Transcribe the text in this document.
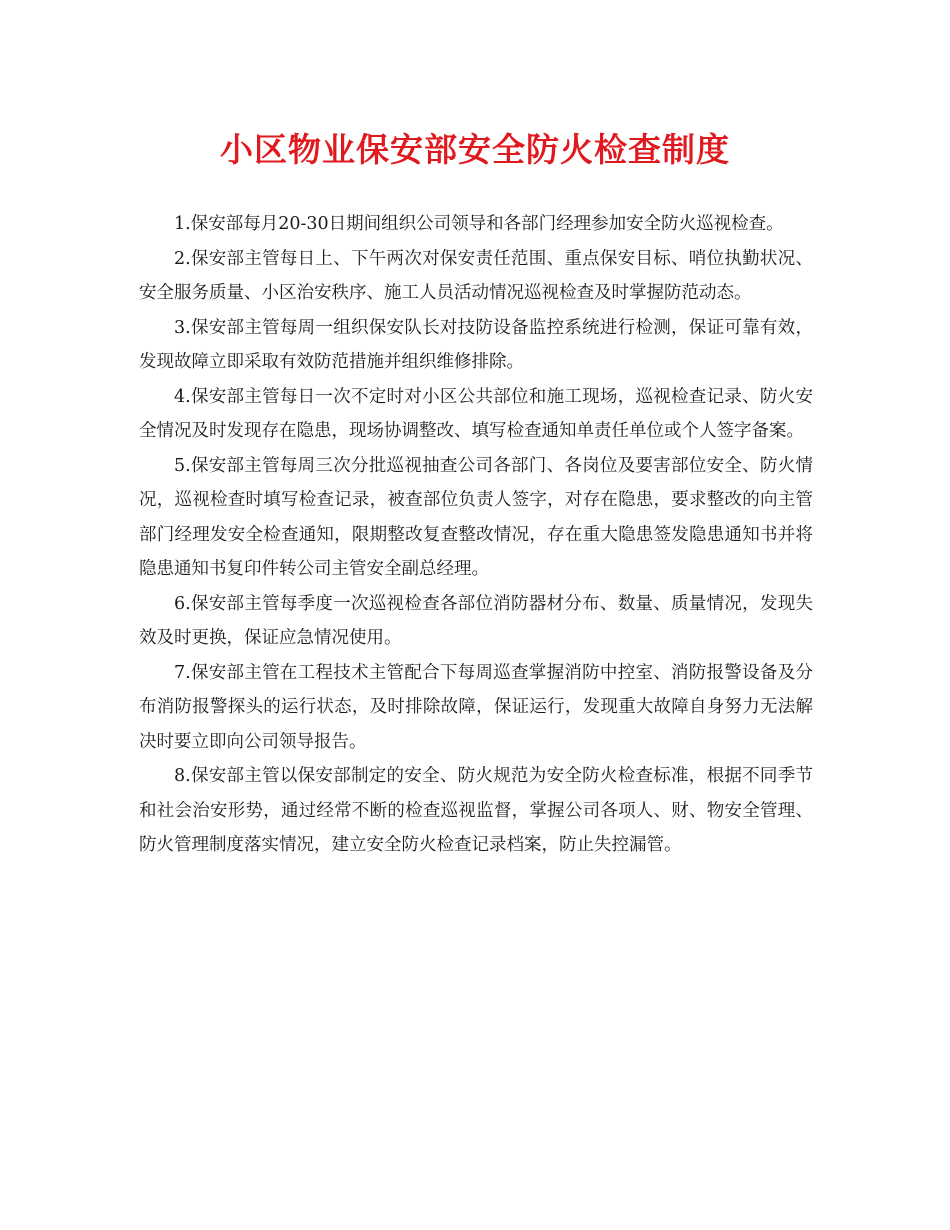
小区物业保安部安全防火检查制度

1.保安部每月20-30日期间组织公司领导和各部门经理参加安全防火巡视检查。

2.保安部主管每日上、下午两次对保安责任范围、重点保安目标、哨位执勤状况、安全服务质量、小区治安秩序、施工人员活动情况巡视检查及时掌握防范动态。

3.保安部主管每周一组织保安队长对技防设备监控系统进行检测，保证可靠有效，发现故障立即采取有效防范措施并组织维修排除。

4.保安部主管每日一次不定时对小区公共部位和施工现场，巡视检查记录、防火安全情况及时发现存在隐患，现场协调整改、填写检查通知单责任单位或个人签字备案。

5.保安部主管每周三次分批巡视抽查公司各部门、各岗位及要害部位安全、防火情况，巡视检查时填写检查记录，被查部位负责人签字，对存在隐患，要求整改的向主管部门经理发安全检查通知，限期整改复查整改情况，存在重大隐患签发隐患通知书并将隐患通知书复印件转公司主管安全副总经理。

6.保安部主管每季度一次巡视检查各部位消防器材分布、数量、质量情况，发现失效及时更换，保证应急情况使用。

7.保安部主管在工程技术主管配合下每周巡查掌握消防中控室、消防报警设备及分布消防报警探头的运行状态，及时排除故障，保证运行，发现重大故障自身努力无法解决时要立即向公司领导报告。

8.保安部主管以保安部制定的安全、防火规范为安全防火检查标准，根据不同季节和社会治安形势，通过经常不断的检查巡视监督，掌握公司各项人、财、物安全管理、防火管理制度落实情况，建立安全防火检查记录档案，防止失控漏管。
